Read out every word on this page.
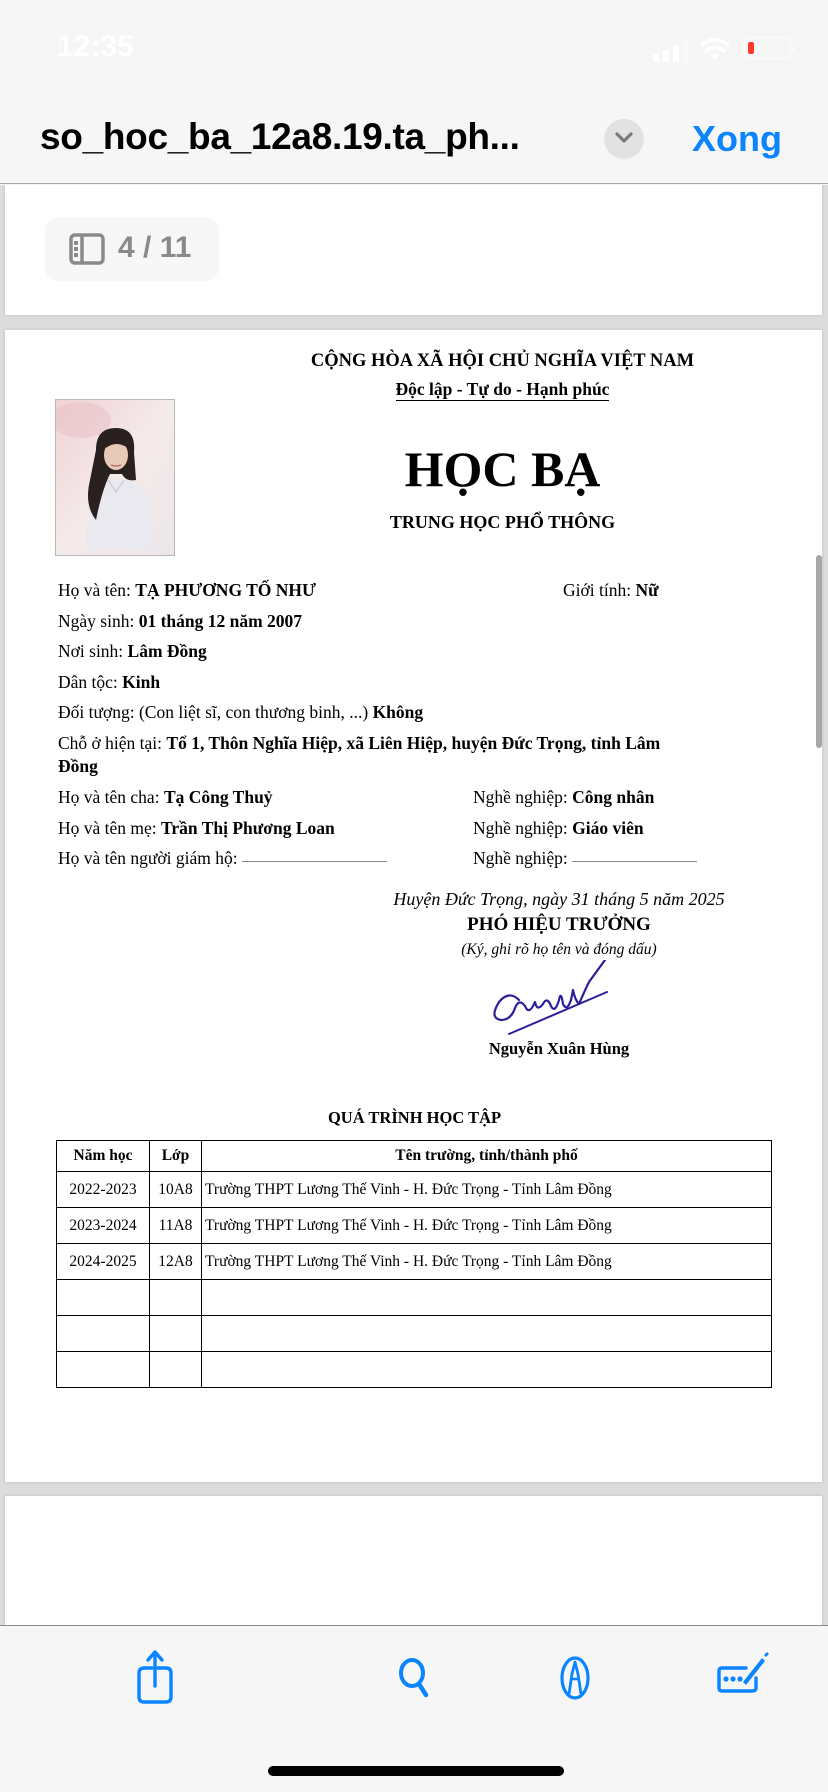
12:35
so_hoc_ba_12a8.19.ta_ph...	Xong
4 / 11
CỘNG HÒA XÃ HỘI CHỦ NGHĨA VIỆT NAM
Độc lập - Tự do - Hạnh phúc
HỌC BẠ
TRUNG HỌC PHỔ THÔNG
Họ và tên: TẠ PHƯƠNG TỐ NHƯ	Giới tính: Nữ
Ngày sinh: 01 tháng 12 năm 2007
Nơi sinh: Lâm Đồng
Dân tộc: Kinh
Đối tượng: (Con liệt sĩ, con thương binh, ...) Không
Chỗ ở hiện tại: Tổ 1, Thôn Nghĩa Hiệp, xã Liên Hiệp, huyện Đức Trọng, tỉnh Lâm
Đồng
Họ và tên cha: Tạ Công Thuỷ	Nghề nghiệp: Công nhân
Họ và tên mẹ: Trần Thị Phương Loan	Nghề nghiệp: Giáo viên
Họ và tên người giám hộ:	Nghề nghiệp:
Huyện Đức Trọng, ngày 31 tháng 5 năm 2025
PHÓ HIỆU TRƯỞNG
(Ký, ghi rõ họ tên và đóng dấu)
Nguyễn Xuân Hùng
QUÁ TRÌNH HỌC TẬP
Năm học	Lớp	Tên trường, tỉnh/thành phố
2022-2023	10A8	Trường THPT Lương Thế Vinh - H. Đức Trọng - Tỉnh Lâm Đồng
2023-2024	11A8	Trường THPT Lương Thế Vinh - H. Đức Trọng - Tỉnh Lâm Đồng
2024-2025	12A8	Trường THPT Lương Thế Vinh - H. Đức Trọng - Tỉnh Lâm Đồng
